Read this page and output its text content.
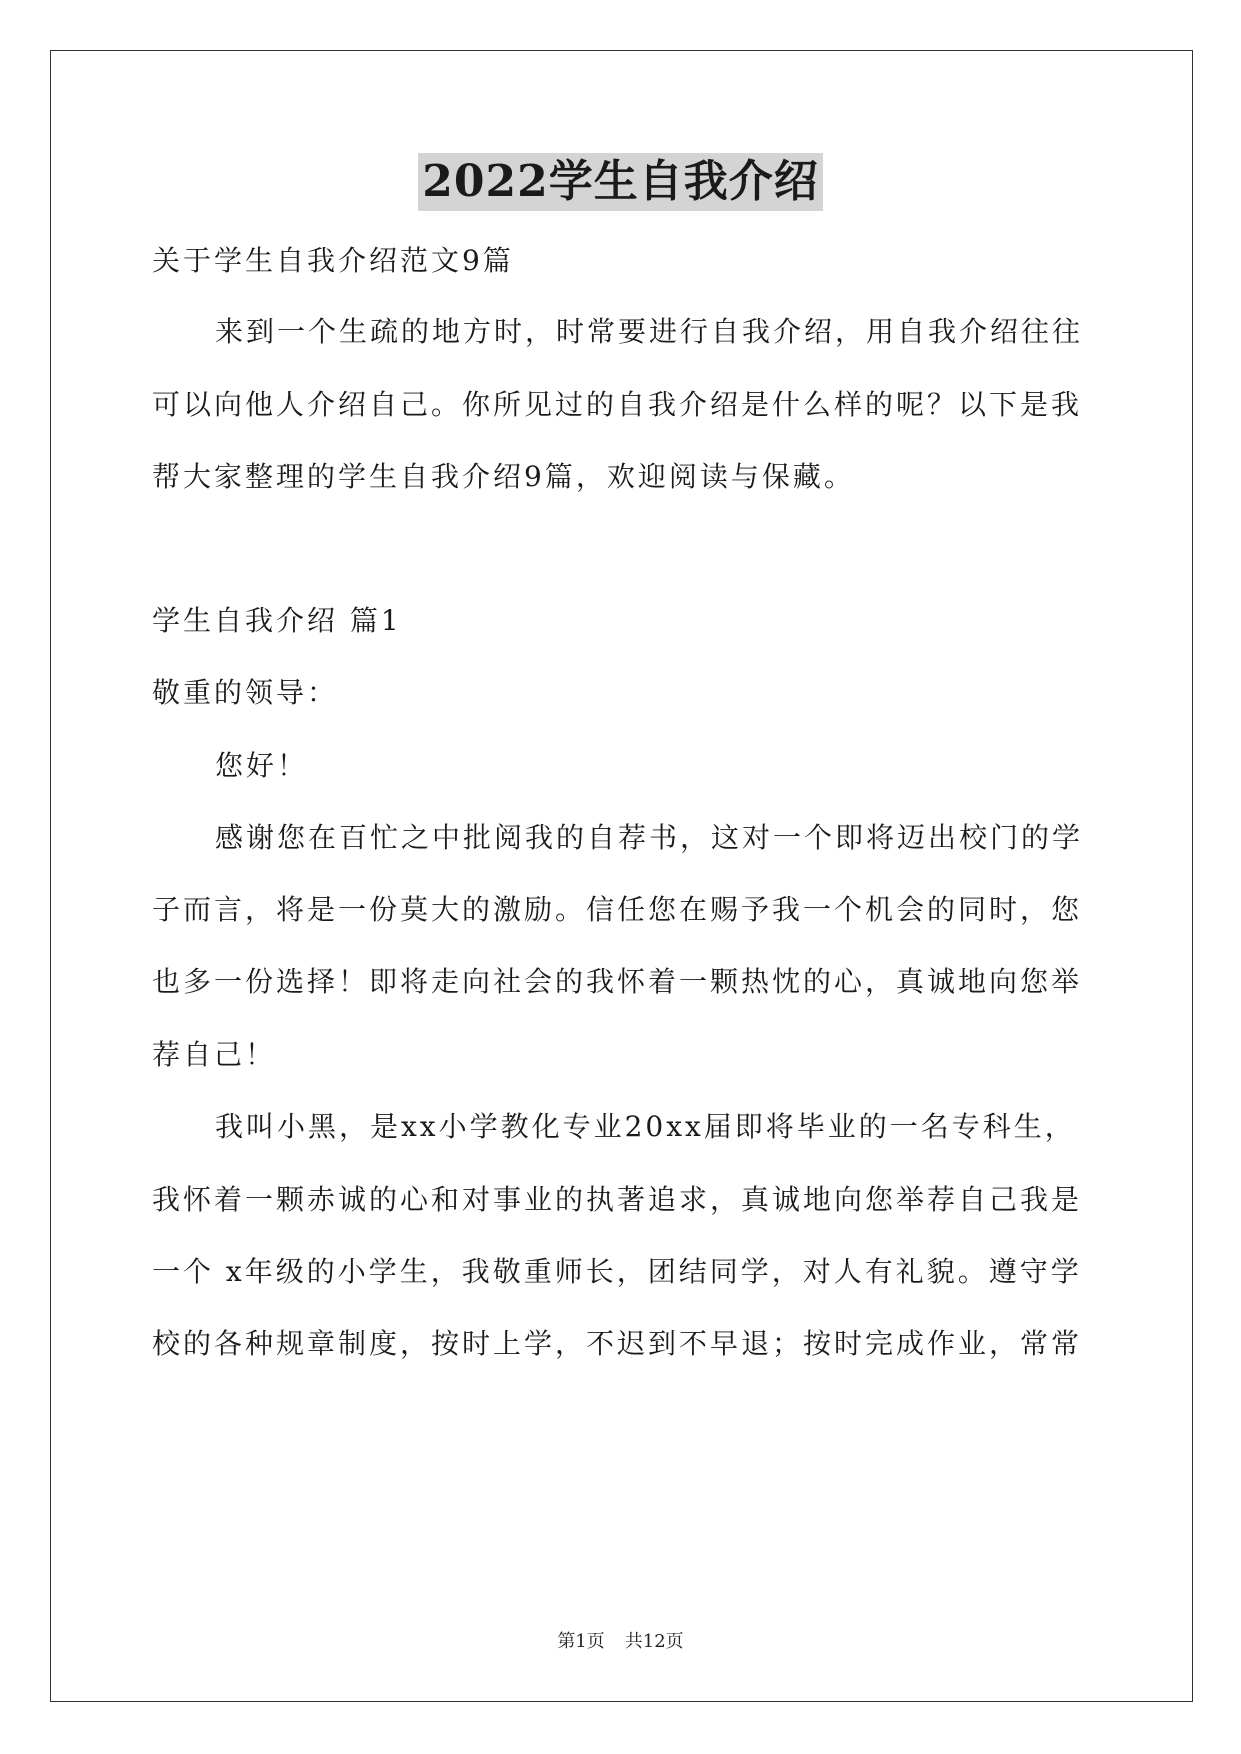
2022学生自我介绍
关于学生自我介绍范文9篇
来到一个生疏的地方时，时常要进行自我介绍，用自我介绍往往
可以向他人介绍自己。你所见过的自我介绍是什么样的呢？以下是我
帮大家整理的学生自我介绍9篇，欢迎阅读与保藏。
学生自我介绍 篇1
敬重的领导：
您好！
感谢您在百忙之中批阅我的自荐书，这对一个即将迈出校门的学
子而言，将是一份莫大的激励。信任您在赐予我一个机会的同时，您
也多一份选择！即将走向社会的我怀着一颗热忱的心，真诚地向您举
荐自己！
我叫小黑，是xx小学教化专业20xx届即将毕业的一名专科生，
我怀着一颗赤诚的心和对事业的执著追求，真诚地向您举荐自己我是
一个 x年级的小学生，我敬重师长，团结同学，对人有礼貌。遵守学
校的各种规章制度，按时上学，不迟到不早退；按时完成作业，常常
第1页 共12页
